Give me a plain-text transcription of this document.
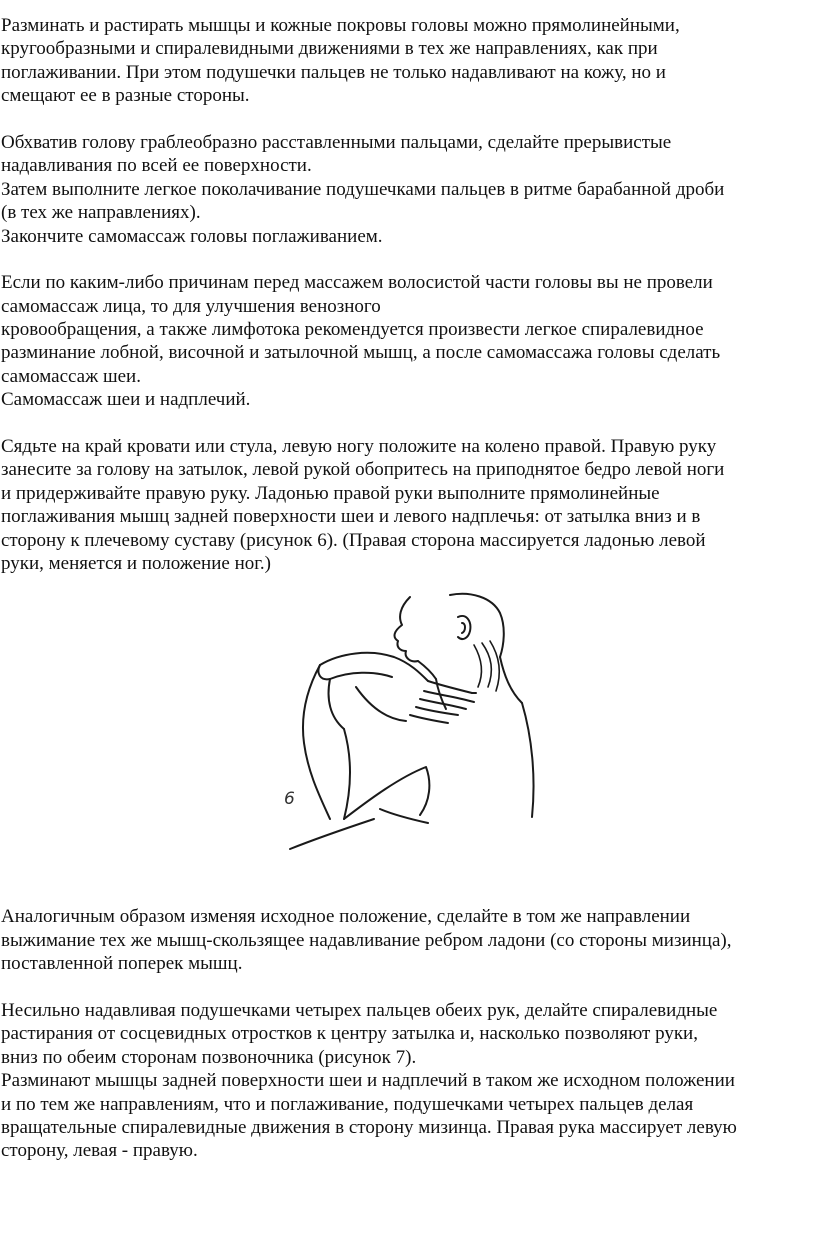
Разминать и растирать мышцы и кожные покровы головы можно прямолинейными,
кругообразными и спиралевидными движениями в тех же направлениях, как при
поглаживании. При этом подушечки пальцев не только надавливают на кожу, но и
смещают ее в разные стороны.
Обхватив голову граблеобразно расставленными пальцами, сделайте прерывистые
надавливания по всей ее поверхности.
Затем выполните легкое поколачивание подушечками пальцев в ритме барабанной дроби
(в тех же направлениях).
Закончите самомассаж головы поглаживанием.
Если по каким-либо причинам перед массажем волосистой части головы вы не провели
самомассаж лица, то для улучшения венозного
кровообращения, а также лимфотока рекомендуется произвести легкое спиралевидное
разминание лобной, височной и затылочной мышц, а после самомассажа головы сделать
самомассаж шеи.
Самомассаж шеи и надплечий.
Сядьте на край кровати или стула, левую ногу положите на колено правой. Правую руку
занесите за голову на затылок, левой рукой обопритесь на приподнятое бедро левой ноги
и придерживайте правую руку. Ладонью правой руки выполните прямолинейные
поглаживания мышц задней поверхности шеи и левого надплечья: от затылка вниз и в
сторону к плечевому суставу (рисунок 6). (Правая сторона массируется ладонью левой
руки, меняется и положение ног.)
6
Аналогичным образом изменяя исходное положение, сделайте в том же направлении
выжимание тех же мышц-скользящее надавливание ребром ладони (со стороны мизинца),
поставленной поперек мышц.
Несильно надавливая подушечками четырех пальцев обеих рук, делайте спиралевидные
растирания от сосцевидных отростков к центру затылка и, насколько позволяют руки,
вниз по обеим сторонам позвоночника (рисунок 7).
Разминают мышцы задней поверхности шеи и надплечий в таком же исходном положении
и по тем же направлениям, что и поглаживание, подушечками четырех пальцев делая
вращательные спиралевидные движения в сторону мизинца. Правая рука массирует левую
сторону, левая - правую.
